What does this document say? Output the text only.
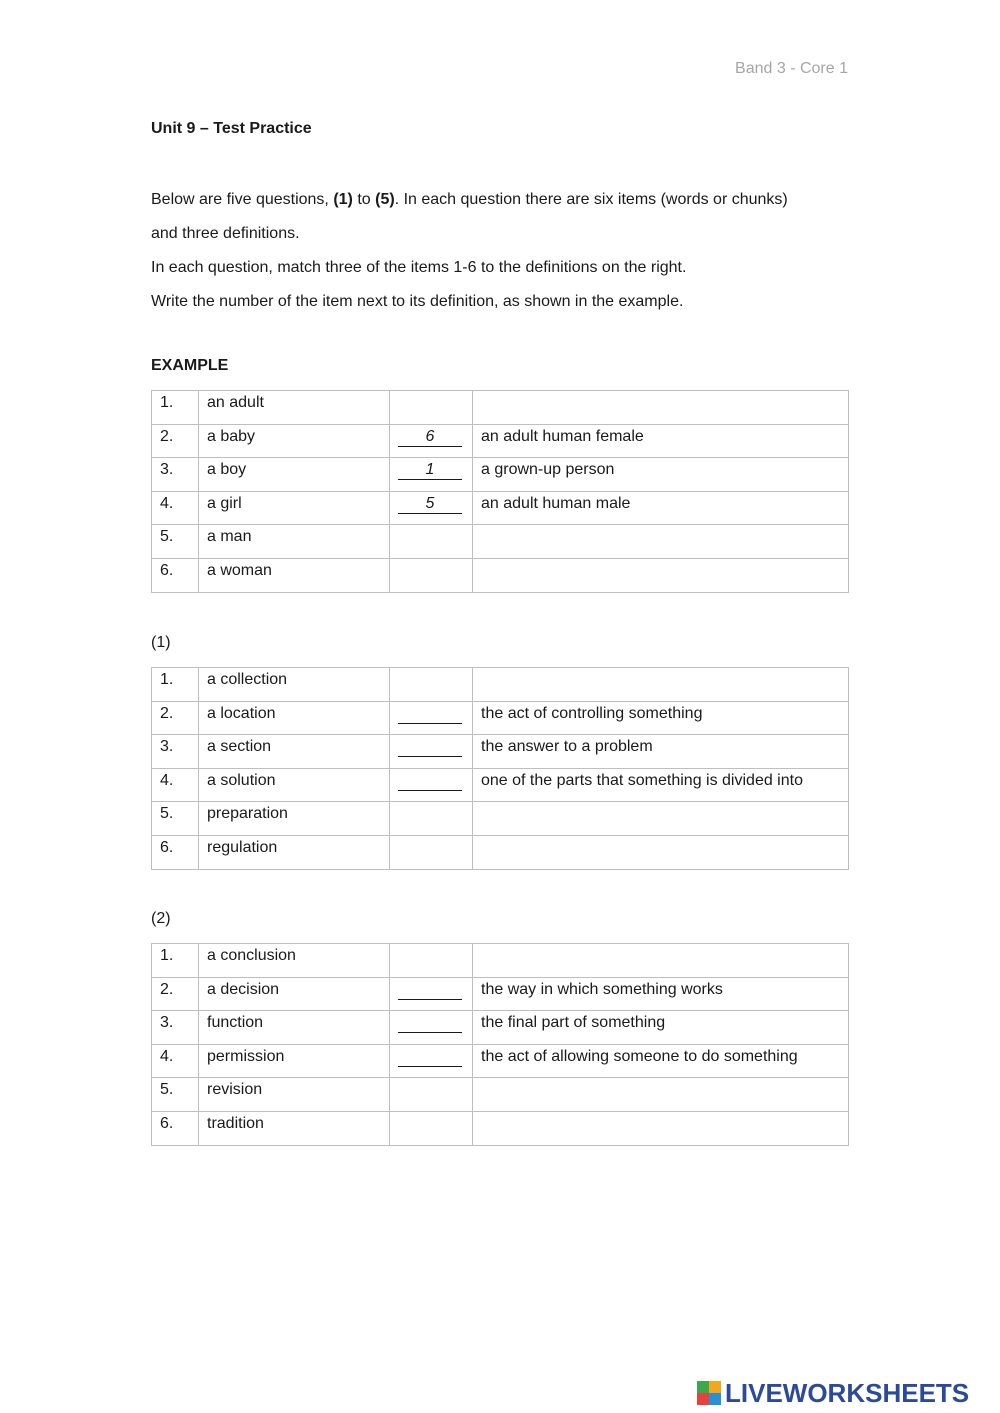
Band 3 - Core 1
Unit 9 – Test Practice

Below are five questions, (1) to (5). In each question there are six items (words or chunks)

and three definitions.

In each question, match three of the items 1-6 to the definitions on the right.

Write the number of the item next to its definition, as shown in the example.

EXAMPLE
1.	an adult		
2.	a baby	6	an adult human female
3.	a boy	1	a grown-up person
4.	a girl	5	an adult human male
5.	a man		
6.	a woman		
(1)
1.	a collection		
2.	a location		the act of controlling something
3.	a section		the answer to a problem
4.	a solution		one of the parts that something is divided into
5.	preparation		
6.	regulation		
(2)
1.	a conclusion		
2.	a decision		the way in which something works
3.	function		the final part of something
4.	permission		the act of allowing someone to do something
5.	revision		
6.	tradition		
LIVEWORKSHEETS
